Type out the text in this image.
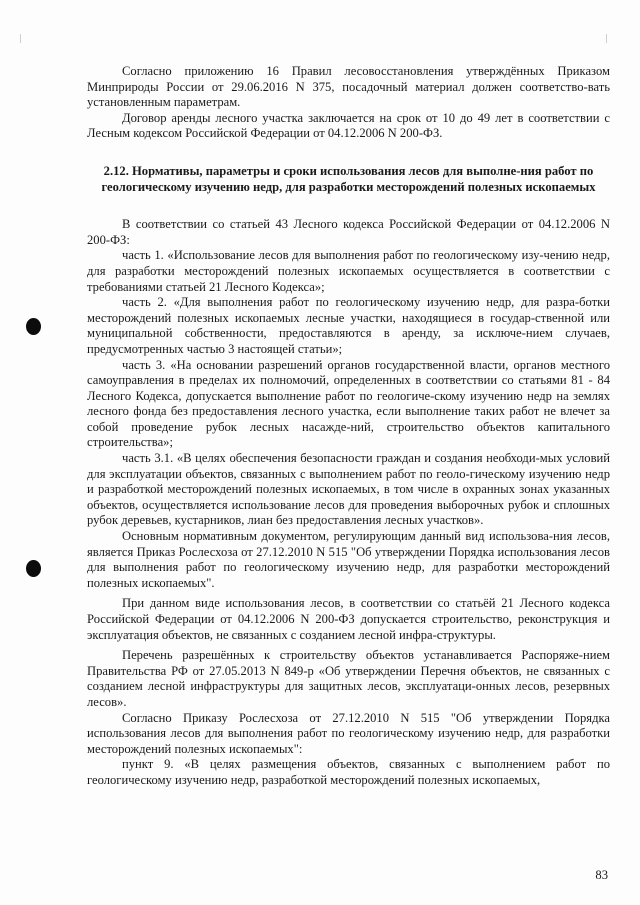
Согласно приложению 16 Правил лесовосстановления утверждённых Приказом Минприроды России от 29.06.2016 N 375, посадочный материал должен соответство-вать установленным параметрам.

Договор аренды лесного участка заключается на срок от 10 до 49 лет в соответствии с Лесным кодексом Российской Федерации от 04.12.2006 N 200-ФЗ.

2.12. Нормативы, параметры и сроки использования лесов для выполне-ния работ по геологическому изучению недр, для разработки месторождений полезных ископаемых

В соответствии со статьей 43 Лесного кодекса Российской Федерации от 04.12.2006 N 200-ФЗ:

часть 1. «Использование лесов для выполнения работ по геологическому изу-чению недр, для разработки месторождений полезных ископаемых осуществляется в соответствии с требованиями статьей 21 Лесного Кодекса»;

часть 2. «Для выполнения работ по геологическому изучению недр, для разра-ботки месторождений полезных ископаемых лесные участки, находящиеся в государ-ственной или муниципальной собственности, предоставляются в аренду, за исключе-нием случаев, предусмотренных частью 3 настоящей статьи»;

часть 3. «На основании разрешений органов государственной власти, органов местного самоуправления в пределах их полномочий, определенных в соответствии со статьями 81 - 84 Лесного Кодекса, допускается выполнение работ по геологиче-скому изучению недр на землях лесного фонда без предоставления лесного участка, если выполнение таких работ не влечет за собой проведение рубок лесных насажде-ний, строительство объектов капитального строительства»;

часть 3.1. «В целях обеспечения безопасности граждан и создания необходи-мых условий для эксплуатации объектов, связанных с выполнением работ по геоло-гическому изучению недр и разработкой месторождений полезных ископаемых, в том числе в охранных зонах указанных объектов, осуществляется использование лесов для проведения выборочных рубок и сплошных рубок деревьев, кустарников, лиан без предоставления лесных участков».

Основным нормативным документом, регулирующим данный вид использова-ния лесов, является Приказ Рослесхоза от 27.12.2010 N 515 "Об утверждении Порядка использования лесов для выполнения работ по геологическому изучению недр, для разработки месторождений полезных ископаемых".

При данном виде использования лесов, в соответствии со статьёй 21 Лесного кодекса Российской Федерации от 04.12.2006 N 200-ФЗ допускается строительство, реконструкция и эксплуатация объектов, не связанных с созданием лесной инфра-структуры.

Перечень разрешённых к строительству объектов устанавливается Распоряже-нием Правительства РФ от 27.05.2013 N 849-р «Об утверждении Перечня объектов, не связанных с созданием лесной инфраструктуры для защитных лесов, эксплуатаци-онных лесов, резервных лесов».

Согласно Приказу Рослесхоза от 27.12.2010 N 515 "Об утверждении Порядка использования лесов для выполнения работ по геологическому изучению недр, для разработки месторождений полезных ископаемых":

пункт 9. «В целях размещения объектов, связанных с выполнением работ по геологическому изучению недр, разработкой месторождений полезных ископаемых,

83
